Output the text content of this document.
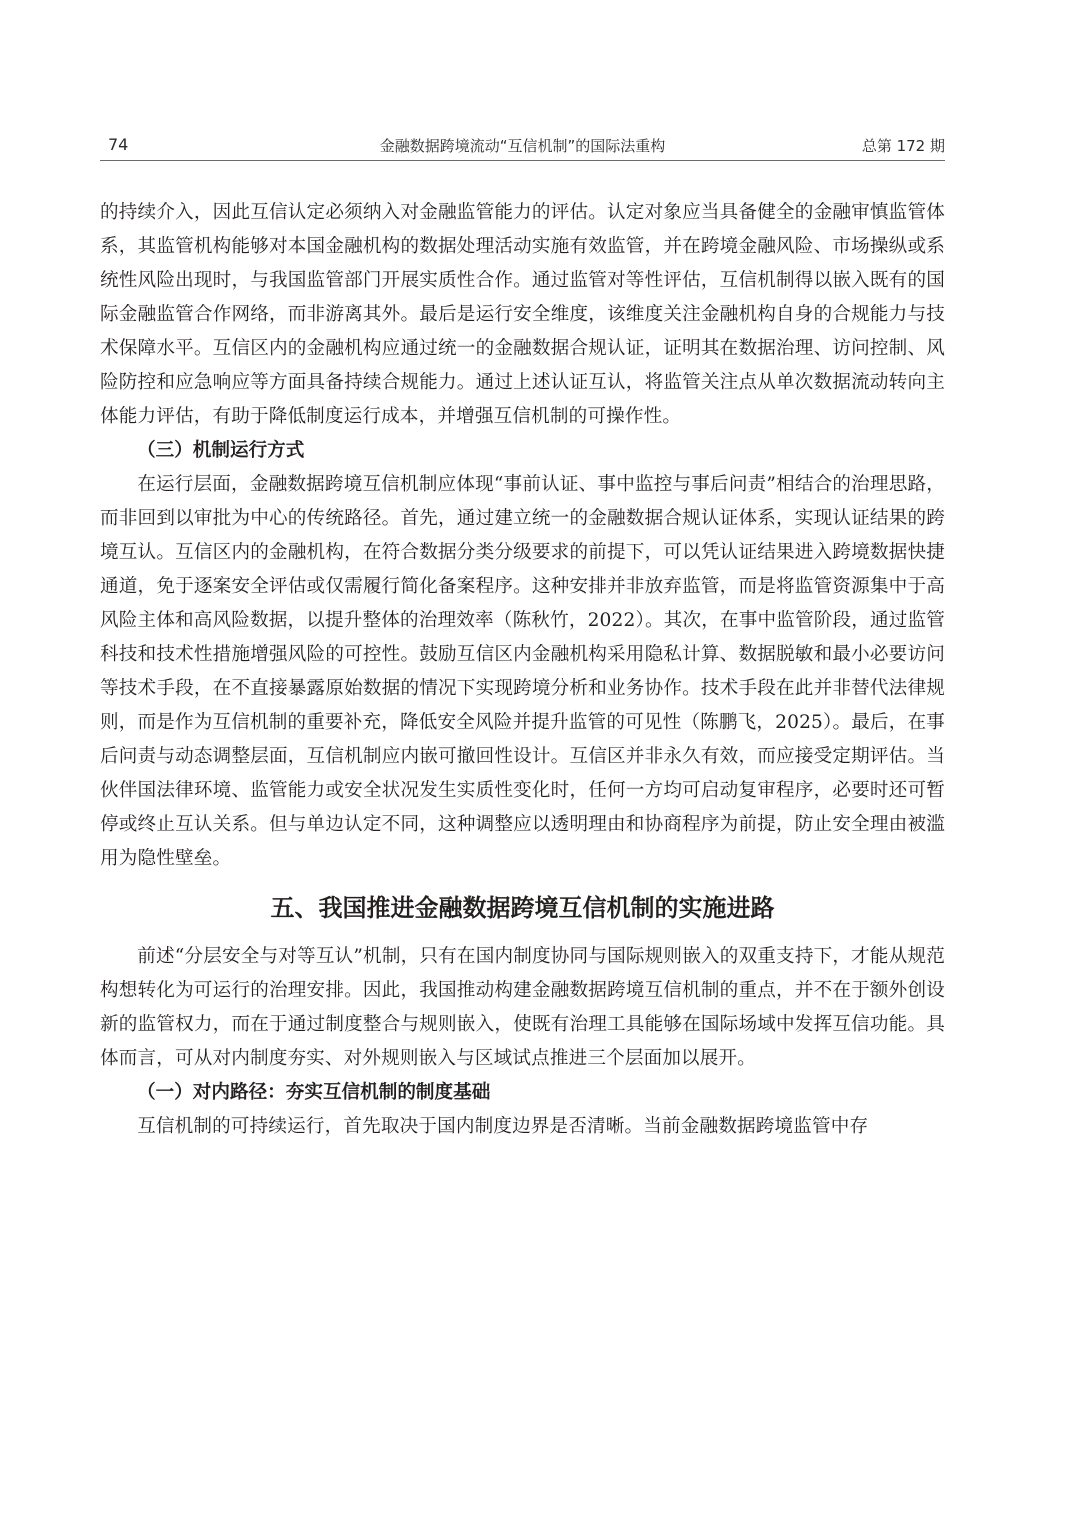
74	金融数据跨境流动“互信机制”的国际法重构	总第 172 期

的持续介入，因此互信认定必须纳入对金融监管能力的评估。认定对象应当具备健全的金融审慎监管体系，其监管机构能够对本国金融机构的数据处理活动实施有效监管，并在跨境金融风险、市场操纵或系统性风险出现时，与我国监管部门开展实质性合作。通过监管对等性评估，互信机制得以嵌入既有的国际金融监管合作网络，而非游离其外。最后是运行安全维度，该维度关注金融机构自身的合规能力与技术保障水平。互信区内的金融机构应通过统一的金融数据合规认证，证明其在数据治理、访问控制、风险防控和应急响应等方面具备持续合规能力。通过上述认证互认，将监管关注点从单次数据流动转向主体能力评估，有助于降低制度运行成本，并增强互信机制的可操作性。

（三）机制运行方式

在运行层面，金融数据跨境互信机制应体现“事前认证、事中监控与事后问责”相结合的治理思路，而非回到以审批为中心的传统路径。首先，通过建立统一的金融数据合规认证体系，实现认证结果的跨境互认。互信区内的金融机构，在符合数据分类分级要求的前提下，可以凭认证结果进入跨境数据快捷通道，免于逐案安全评估或仅需履行简化备案程序。这种安排并非放弃监管，而是将监管资源集中于高风险主体和高风险数据，以提升整体的治理效率（陈秋竹，2022）。其次，在事中监管阶段，通过监管科技和技术性措施增强风险的可控性。鼓励互信区内金融机构采用隐私计算、数据脱敏和最小必要访问等技术手段，在不直接暴露原始数据的情况下实现跨境分析和业务协作。技术手段在此并非替代法律规则，而是作为互信机制的重要补充，降低安全风险并提升监管的可见性（陈鹏飞，2025）。最后，在事后问责与动态调整层面，互信机制应内嵌可撤回性设计。互信区并非永久有效，而应接受定期评估。当伙伴国法律环境、监管能力或安全状况发生实质性变化时，任何一方均可启动复审程序，必要时还可暂停或终止互认关系。但与单边认定不同，这种调整应以透明理由和协商程序为前提，防止安全理由被滥用为隐性壁垒。

五、我国推进金融数据跨境互信机制的实施进路

前述“分层安全与对等互认”机制，只有在国内制度协同与国际规则嵌入的双重支持下，才能从规范构想转化为可运行的治理安排。因此，我国推动构建金融数据跨境互信机制的重点，并不在于额外创设新的监管权力，而在于通过制度整合与规则嵌入，使既有治理工具能够在国际场域中发挥互信功能。具体而言，可从对内制度夯实、对外规则嵌入与区域试点推进三个层面加以展开。

（一）对内路径：夯实互信机制的制度基础

互信机制的可持续运行，首先取决于国内制度边界是否清晰。当前金融数据跨境监管中存
